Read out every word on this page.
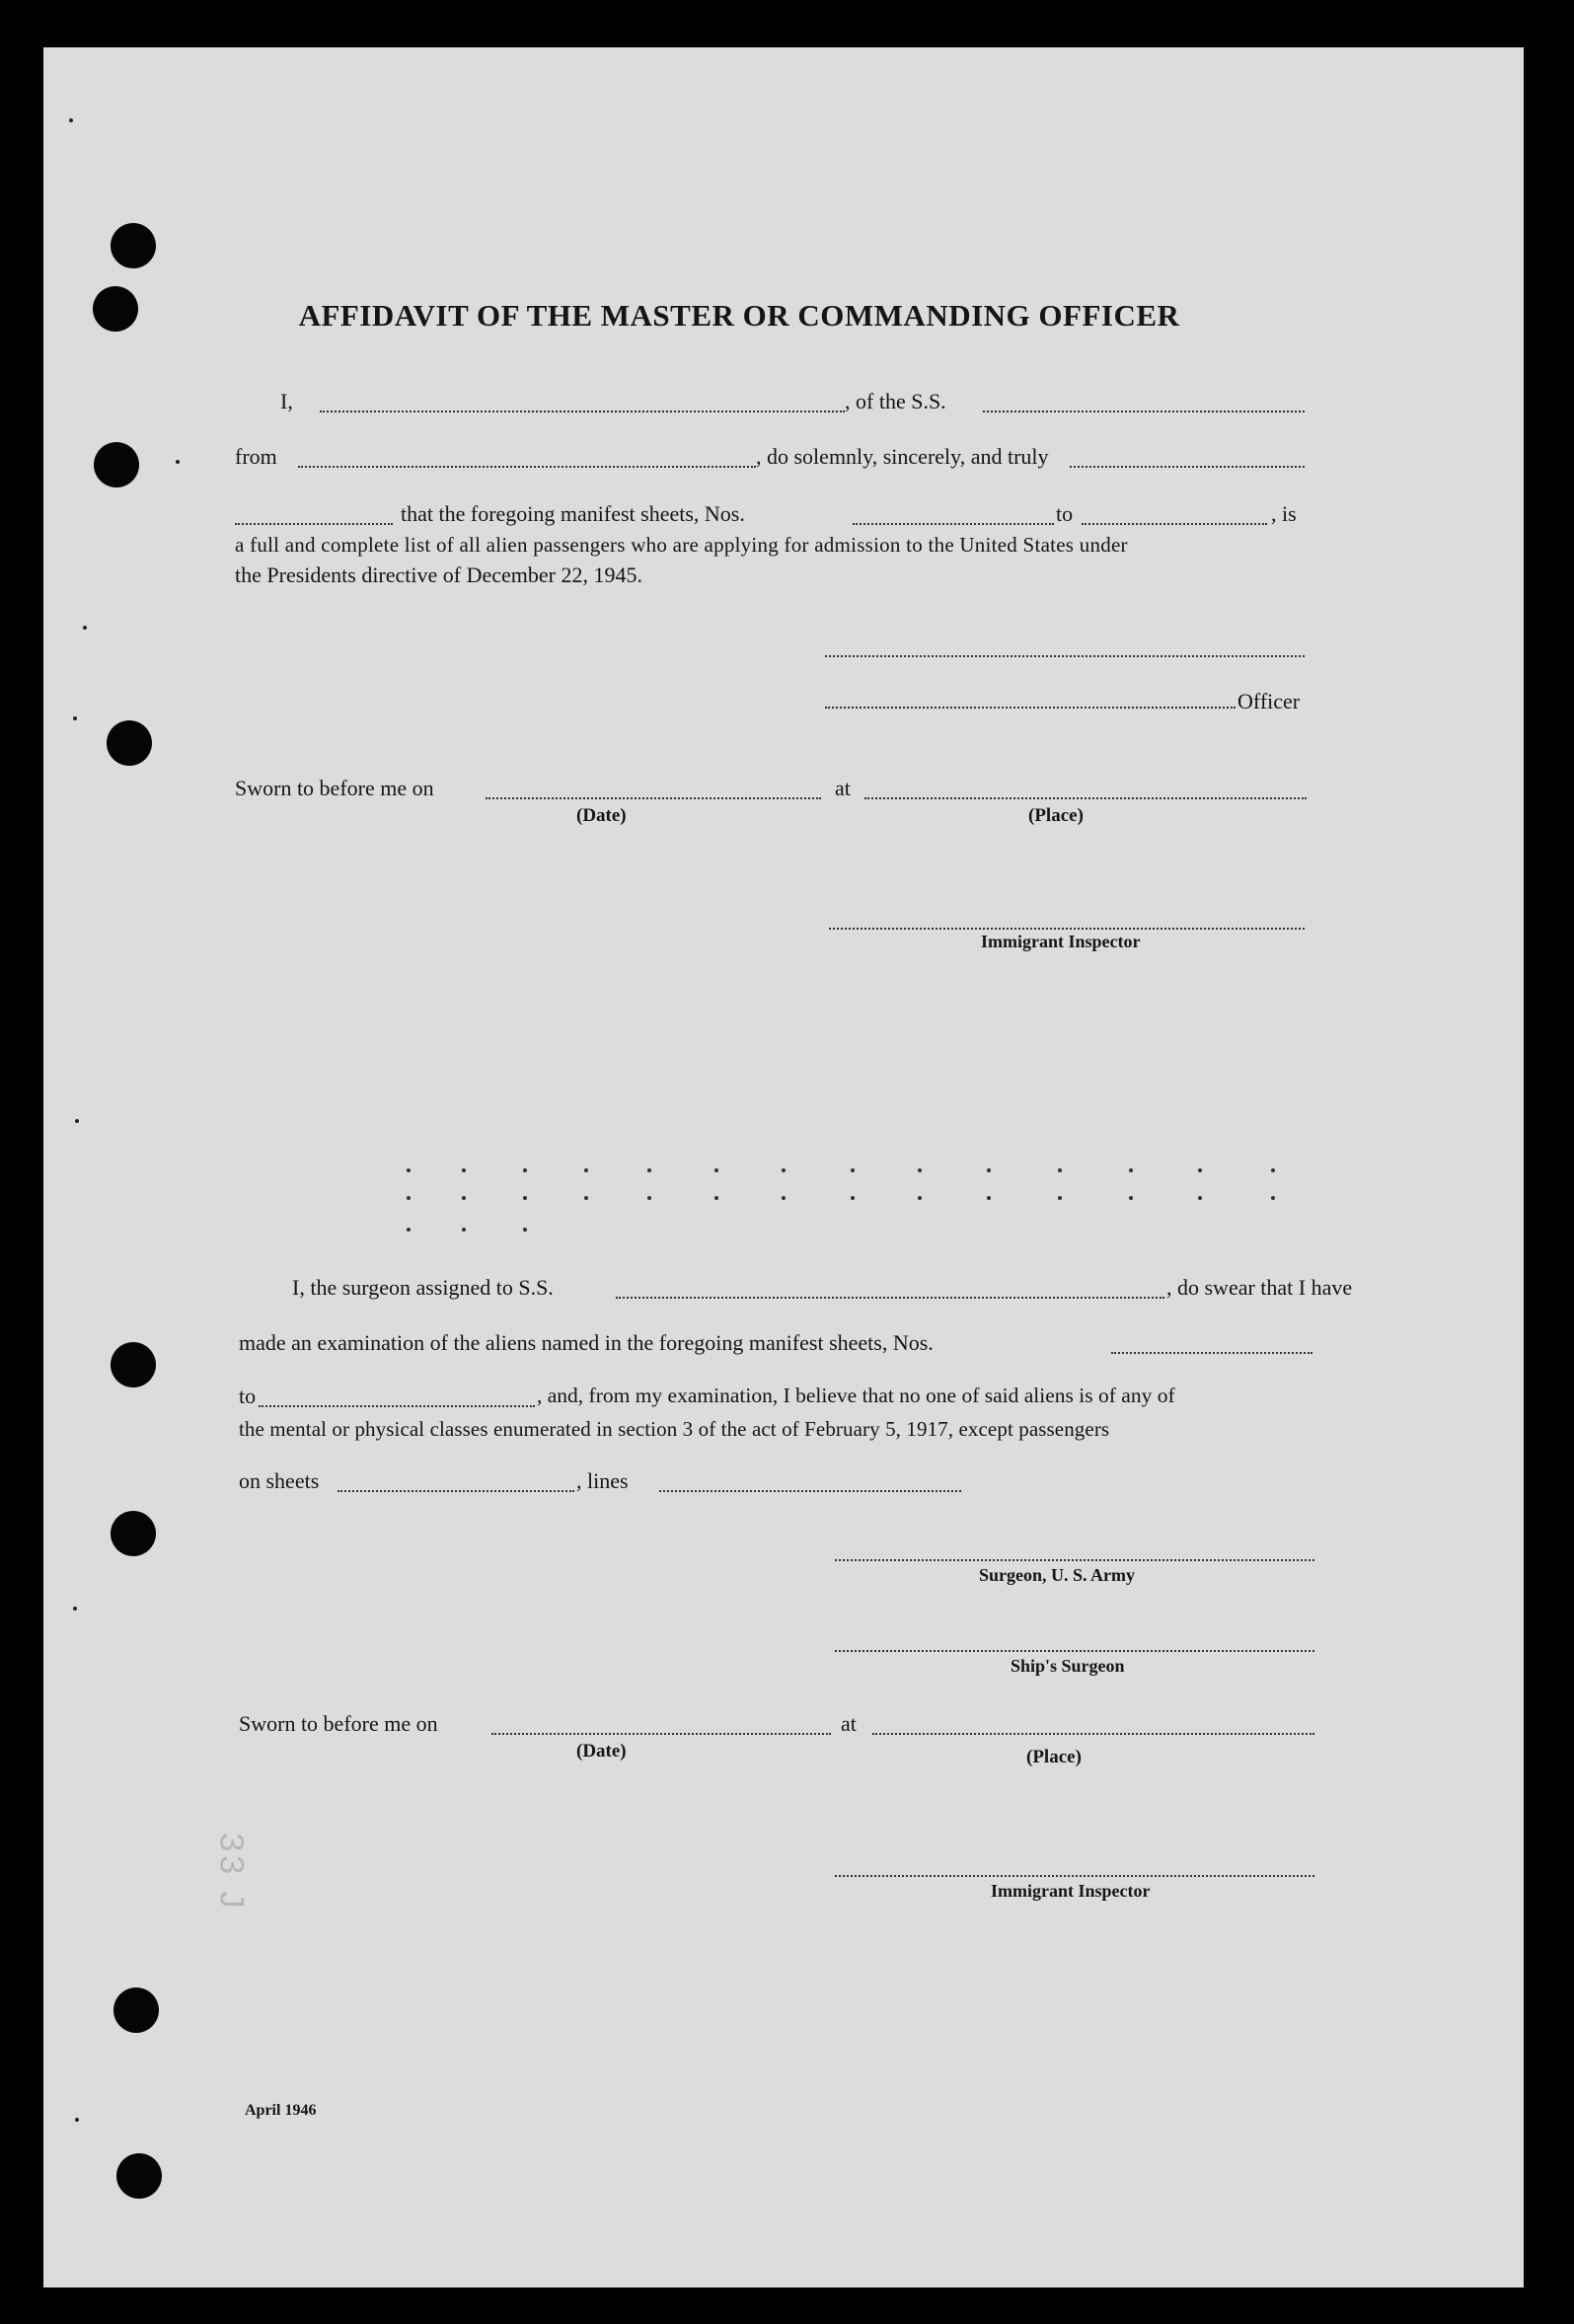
33 J
AFFIDAVIT OF THE MASTER OR COMMANDING OFFICER
I,	, of the S.S.
from	, do solemnly, sincerely, and truly
that the foregoing manifest sheets, Nos.	to	, is
a full and complete list of all alien passengers who are applying for admission to the United States under
the Presidents directive of December 22, 1945.
Officer
Sworn to before me on	at
(Date)	(Place)
Immigrant Inspector
I, the surgeon assigned to S.S.	, do swear that I have
made an examination of the aliens named in the foregoing manifest sheets, Nos.
to	, and, from my examination, I believe that no one of said aliens is of any of
the mental or physical classes enumerated in section 3 of the act of February 5, 1917, except passengers
on sheets	, lines
Surgeon, U. S. Army
Ship's Surgeon
Sworn to before me on	at
(Date)	(Place)
Immigrant Inspector
April 1946
